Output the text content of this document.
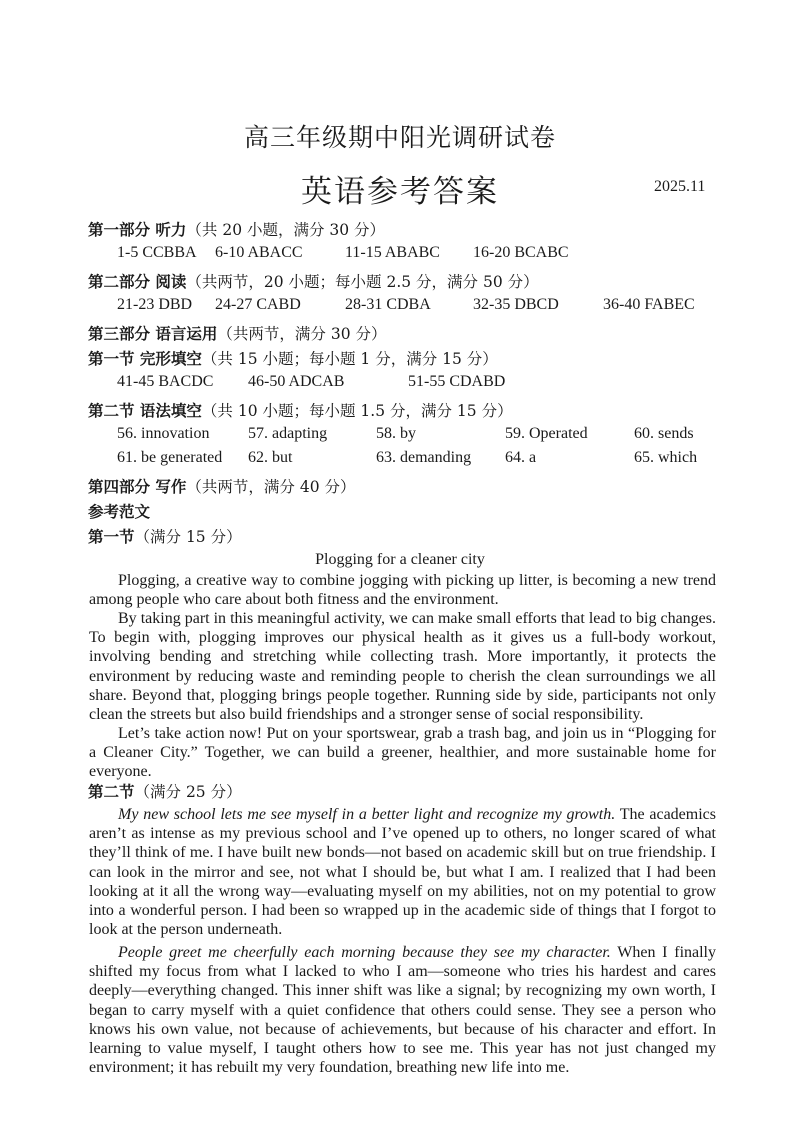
高三年级期中阳光调研试卷
英语参考答案	2025.11
第一部分 听力（共 20 小题，满分 30 分）
1-5 CCBBA 6-10 ABACC	11-15 ABABC 16-20 BCABC
第二部分 阅读（共两节，20 小题；每小题 2.5 分，满分 50 分）
21-23 DBD 24-27 CABD	28-31 CDBA	32-35 DBCD	36-40 FABEC
第三部分 语言运用（共两节，满分 30 分）
第一节 完形填空（共 15 小题；每小题 1 分，满分 15 分）
41-45 BACDC 46-50 ADCAB	51-55 CDABD
第二节 语法填空（共 10 小题；每小题 1.5 分，满分 15 分）
56. innovation 57. adapting	58. by	59. Operated	60. sends
61. be generated 62. but	63. demanding 64. a	65. which
第四部分 写作（共两节，满分 40 分）
参考范文
第一节（满分 15 分）
Plogging for a cleaner city

Plogging, a creative way to combine jogging with picking up litter, is becoming a new trend among people who care about both fitness and the environment.

By taking part in this meaningful activity, we can make small efforts that lead to big changes. To begin with, plogging improves our physical health as it gives us a full-body workout, involving bending and stretching while collecting trash. More importantly, it protects the environment by reducing waste and reminding people to cherish the clean surroundings we all share. Beyond that, plogging brings people together. Running side by side, participants not only clean the streets but also build friendships and a stronger sense of social responsibility.

Let’s take action now! Put on your sportswear, grab a trash bag, and join us in “Plogging for a Cleaner City.” Together, we can build a greener, healthier, and more sustainable home for everyone.

第二节（满分 25 分）

My new school lets me see myself in a better light and recognize my growth. The academics aren’t as intense as my previous school and I’ve opened up to others, no longer scared of what they’ll think of me. I have built new bonds—not based on academic skill but on true friendship. I can look in the mirror and see, not what I should be, but what I am. I realized that I had been looking at it all the wrong way—evaluating myself on my abilities, not on my potential to grow into a wonderful person. I had been so wrapped up in the academic side of things that I forgot to look at the person underneath.

People greet me cheerfully each morning because they see my character. When I finally shifted my focus from what I lacked to who I am—someone who tries his hardest and cares deeply—everything changed. This inner shift was like a signal; by recognizing my own worth, I began to carry myself with a quiet confidence that others could sense. They see a person who knows his own value, not because of achievements, but because of his character and effort. In learning to value myself, I taught others how to see me. This year has not just changed my environment; it has rebuilt my very foundation, breathing new life into me.
